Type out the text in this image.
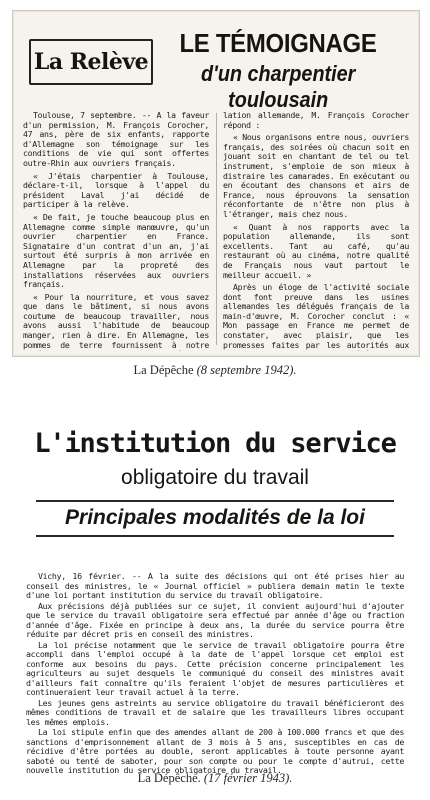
La Relève
LE TÉMOIGNAGE
d'un charpentier toulousain

Toulouse, 7 septembre. -- A la faveur d'un permission, M. François Corocher, 47 ans, père de six enfants, rapporte d'Allemagne son témoignage sur les conditions de vie qui sont offertes outre-Rhin aux ouvriers français.

« J'étais charpentier à Toulouse, déclare-t-il, lorsque à l'appel du président Laval j'ai décidé de participer à la relève.

« De fait, je touche beaucoup plus en Allemagne comme simple manœuvre, qu'un ouvrier charpentier en France. Signataire d'un contrat d'un an, j'ai surtout été surpris à mon arrivée en Allemagne par la propreté des installations réservées aux ouvriers français.

« Pour la nourriture, et vous savez que dans le bâtiment, si nous avons coutume de beaucoup travailler, nous avons aussi l'habitude de beaucoup manger, rien à dire. En Allemagne, les pommes de terre fournissent à notre

lation allemande, M. François Corocher répond :

« Nous organisons entre nous, ouvriers français, des soirées où chacun soit en jouant soit en chantant de tel ou tel instrument, s'emploie de son mieux à distraire les camarades. En exécutant ou en écoutant des chansons et airs de France, nous éprouvons la sensation réconfortante de n'être non plus à l'étranger, mais chez nous.

« Quant à nos rapports avec la population allemande, ils sont excellents. Tant au café, qu'au restaurant où au cinéma, notre qualité de Français nous vaut partout le meilleur accueil. »

Après un éloge de l'activité sociale dont font preuve dans les usines allemandes les délégués français de la main-d'œuvre, M. Corocher conclut : « Mon passage en France me permet de constater, avec plaisir, que les promesses faites par les autorités aux

La Dépêche (8 septembre 1942).
L'institution du service
obligatoire du travail
Principales modalités de la loi

Vichy, 16 février. -- A la suite des décisions qui ont été prises hier au conseil des ministres, le « Journal officiel » publiera demain matin le texte d'une loi portant institution du service du travail obligatoire.

Aux précisions déjà publiées sur ce sujet, il convient aujourd'hui d'ajouter que le service du travail obligatoire sera effectué par année d'âge ou fraction d'année d'âge. Fixée en principe à deux ans, la durée du service pourra être réduite par décret pris en conseil des ministres.

La loi précise notamment que le service de travail obligatoire pourra être accompli dans l'emploi occupé à la date de l'appel lorsque cet emploi est conforme aux besoins du pays. Cette précision concerne principalement les agriculteurs au sujet desquels le communiqué du conseil des ministres avait d'ailleurs fait connaître qu'ils feraient l'objet de mesures particulières et continueraient leur travail actuel à la terre.

Les jeunes gens astreints au service obligatoire du travail bénéficieront des mêmes conditions de travail et de salaire que les travailleurs libres occupant les mêmes emplois.

La loi stipule enfin que des amendes allant de 200 à 100.000 francs et que des sanctions d'emprisonnement allant de 3 mois à 5 ans, susceptibles en cas de récidive d'être portées au double, seront applicables à toute personne ayant saboté ou tenté de saboter, pour son compte ou pour le compte d'autrui, cette nouvelle institution du service obligatoire du travail.

La Dépêche. (17 février 1943).
